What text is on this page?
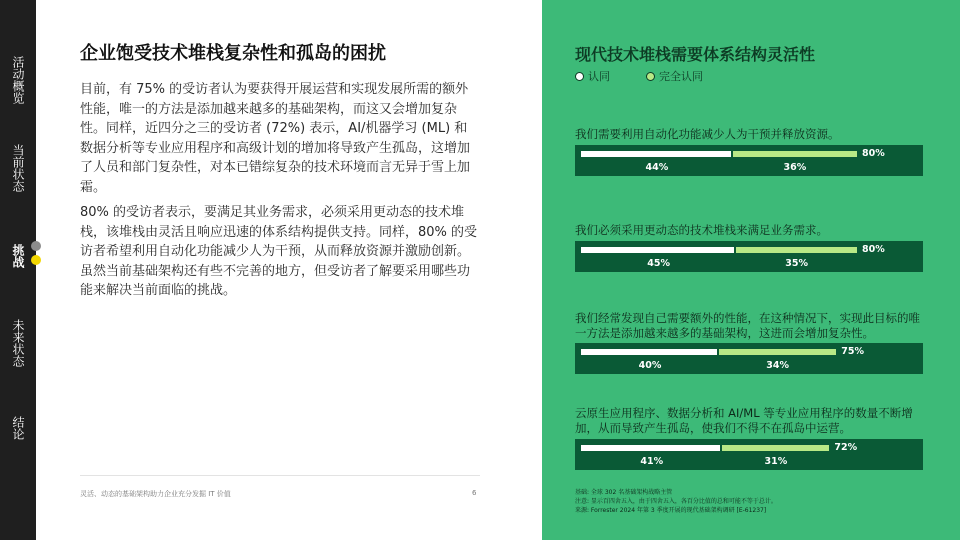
活动概览
当前状态
挑战
未来状态
结论
企业饱受技术堆栈复杂性和孤岛的困扰

目前，有 75% 的受访者认为要获得开展运营和实现发展所需的额外性能，唯一的方法是添加越来越多的基础架构，而这又会增加复杂性。同样，近四分之三的受访者 (72%) 表示，AI/机器学习 (ML) 和数据分析等专业应用程序和高级计划的增加将导致产生孤岛，这增加了人员和部门复杂性，对本已错综复杂的技术环境而言无异于雪上加霜。

80% 的受访者表示，要满足其业务需求，必须采用更动态的技术堆栈，该堆栈由灵活且响应迅速的体系结构提供支持。同样，80% 的受访者希望利用自动化功能减少人为干预，从而释放资源并激励创新。虽然当前基础架构还有些不完善的地方，但受访者了解要采用哪些功能来解决当前面临的挑战。

灵活、动态的基础架构助力企业充分发掘 IT 价值	6
现代技术堆栈需要体系结构灵活性
认同	完全认同
我们需要利用自动化功能减少人为干预并释放资源。
80%
44%	36%
我们必须采用更动态的技术堆栈来满足业务需求。
80%
45%	35%
我们经常发现自己需要额外的性能，在这种情况下，实现此目标的唯一方法是添加越来越多的基础架构，这进而会增加复杂性。
75%
40%	34%
云原生应用程序、数据分析和 AI/ML 等专业应用程序的数量不断增加，从而导致产生孤岛，使我们不得不在孤岛中运营。
72%
41%	31%
基础: 全球 302 名基础架构战略主管
注意: 显示百四舍五入，由于四舍五入，各百分比值的总和可能不等于总计。
来源: Forrester 2024 年第 3 季度开展的现代基础架构调研 [E-61237]
